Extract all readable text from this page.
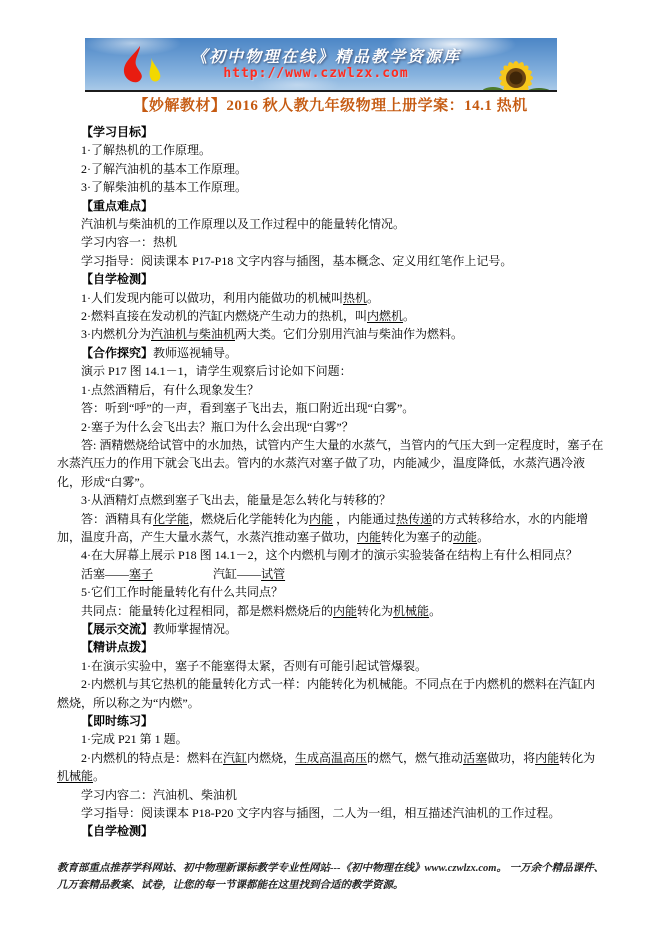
《初中物理在线》精品教学资源库
http://www.czwlzx.com
【妙解教材】2016 秋人教九年级物理上册学案：14.1 热机

【学习目标】

1·了解热机的工作原理。

2·了解汽油机的基本工作原理。

3·了解柴油机的基本工作原理。

【重点难点】

汽油机与柴油机的工作原理以及工作过程中的能量转化情况。

学习内容一：热机

学习指导：阅读课本 P17-P18 文字内容与插图，基本概念、定义用红笔作上记号。

【自学检测】

1·人们发现内能可以做功，利用内能做功的机械叫热机。

2·燃料直接在发动机的汽缸内燃烧产生动力的热机，叫内燃机。

3·内燃机分为汽油机与柴油机两大类。它们分别用汽油与柴油作为燃料。

【合作探究】教师巡视辅导。

演示 P17 图 14.1－1，请学生观察后讨论如下问题：

1·点然酒精后，有什么现象发生？

答：听到“呼”的一声，看到塞子飞出去，瓶口附近出现“白雾”。

2·塞子为什么会飞出去？瓶口为什么会出现“白雾”？

答: 酒精燃烧给试管中的水加热，试管内产生大量的水蒸气，当管内的气压大到一定程度时，塞子在水蒸汽压力的作用下就会飞出去。管内的水蒸汽对塞子做了功，内能减少，温度降低，水蒸汽遇冷液化，形成“白雾”。

3·从酒精灯点燃到塞子飞出去，能量是怎么转化与转移的？

答：酒精具有化学能，燃烧后化学能转化为内能 ，内能通过热传递的方式转移给水，水的内能增加，温度升高，产生大量水蒸气，水蒸汽推动塞子做功，内能转化为塞子的动能。

4·在大屏幕上展示 P18 图 14.1－2，这个内燃机与刚才的演示实验装备在结构上有什么相同点？

活塞——塞子　　　　　	汽缸——试管

5·它们工作时能量转化有什么共同点？

共同点：能量转化过程相同，都是燃料燃烧后的内能转化为机械能。

【展示交流】教师掌握情况。

【精讲点拨】

1·在演示实验中，塞子不能塞得太紧，否则有可能引起试管爆裂。

2·内燃机与其它热机的能量转化方式一样：内能转化为机械能。不同点在于内燃机的燃料在汽缸内燃烧，所以称之为“内燃”。

【即时练习】

1·完成 P21 第 1 题。

2·内燃机的特点是：燃料在汽缸内燃烧，生成高温高压的燃气，燃气推动活塞做功，将内能转化为机械能。

学习内容二：汽油机、柴油机

学习指导：阅读课本 P18-P20 文字内容与插图，二人为一组，相互描述汽油机的工作过程。

【自学检测】

教育部重点推荐学科网站、初中物理新课标教学专业性网站---《初中物理在线》www.czwlzx.com。 一万余个精品课件、
几万套精品教案、试卷，让您的每一节课都能在这里找到合适的教学资源。
